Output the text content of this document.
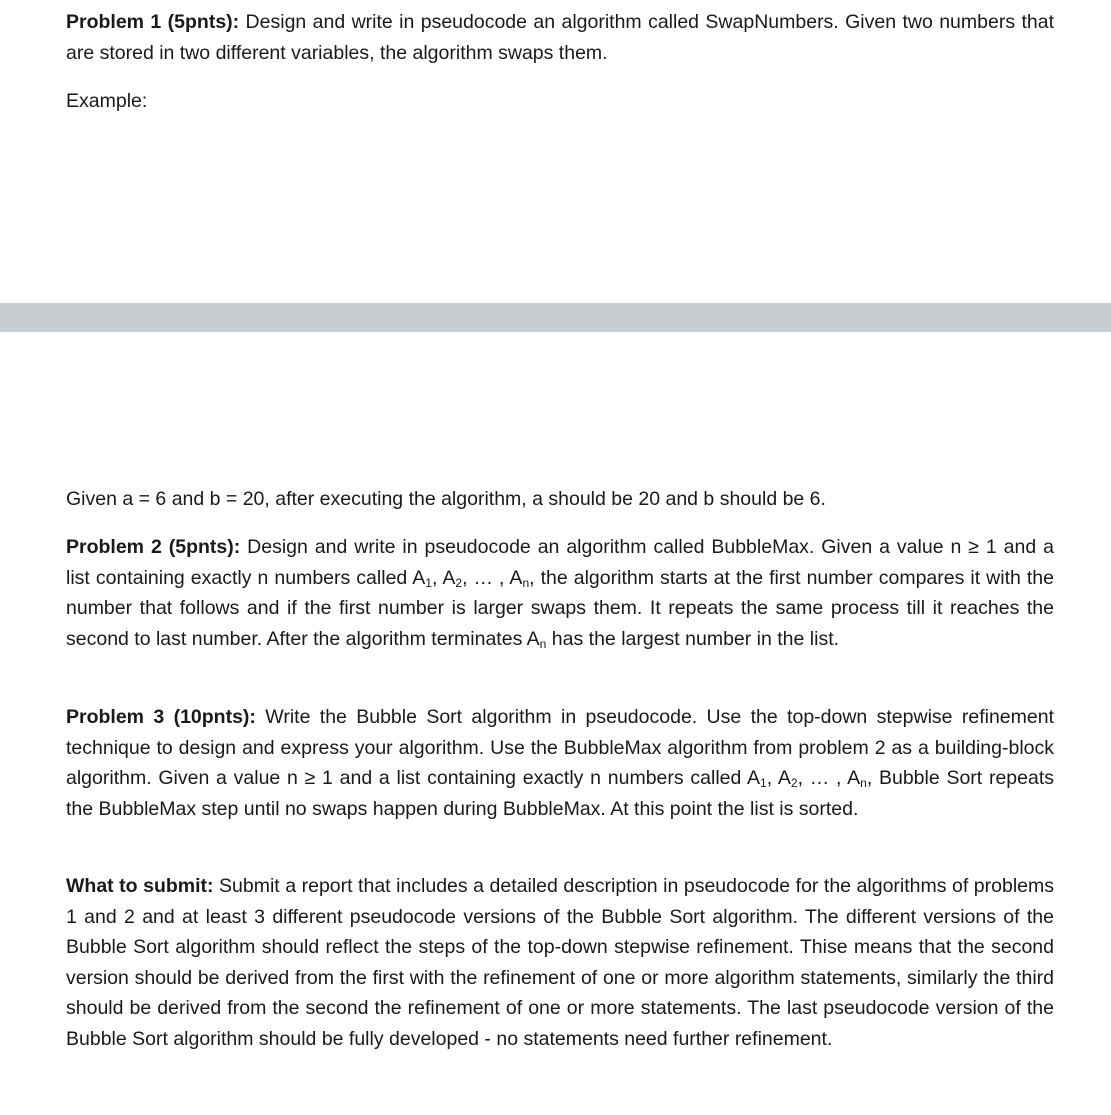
Problem 1 (5pnts): Design and write in pseudocode an algorithm called SwapNumbers. Given two numbers that are stored in two different variables, the algorithm swaps them.

Example:

Given a = 6 and b = 20, after executing the algorithm, a should be 20 and b should be 6.

Problem 2 (5pnts): Design and write in pseudocode an algorithm called BubbleMax. Given a value n ≥ 1 and a list containing exactly n numbers called $A_1$, $A_2$, … , $A_n$, the algorithm starts at the first number compares it with the number that follows and if the first number is larger swaps them. It repeats the same process till it reaches the second to last number. After the algorithm terminates $A_n$ has the largest number in the list.

Problem 3 (10pnts): Write the Bubble Sort algorithm in pseudocode. Use the top-down stepwise refinement technique to design and express your algorithm. Use the BubbleMax algorithm from problem 2 as a building-block algorithm. Given a value n ≥ 1 and a list containing exactly n numbers called $A_1$, $A_2$, … , $A_n$, Bubble Sort repeats the BubbleMax step until no swaps happen during BubbleMax. At this point the list is sorted.

What to submit: Submit a report that includes a detailed description in pseudocode for the algorithms of problems 1 and 2 and at least 3 different pseudocode versions of the Bubble Sort algorithm. The different versions of the Bubble Sort algorithm should reflect the steps of the top-down stepwise refinement. Thise means that the second version should be derived from the first with the refinement of one or more algorithm statements, similarly the third should be derived from the second the refinement of one or more statements. The last pseudocode version of the Bubble Sort algorithm should be fully developed - no statements need further refinement.
